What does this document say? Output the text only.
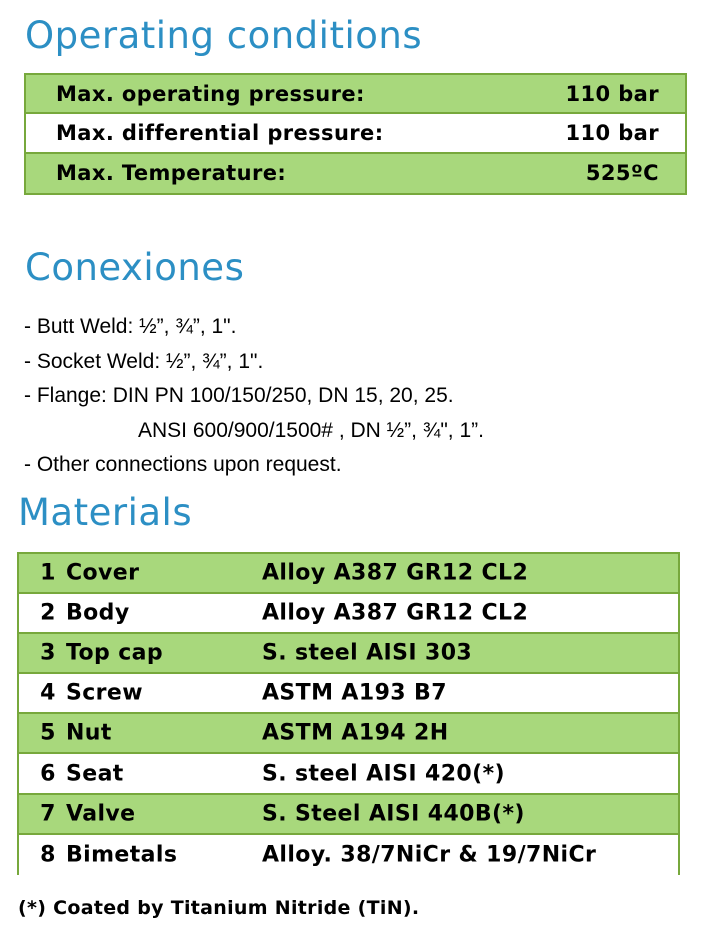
Operating conditions
Max. operating pressure:	110 bar
Max. differential pressure:	110 bar
Max. Temperature:	525ºC
Conexiones
- Butt Weld: ½”, ¾”, 1".
- Socket Weld: ½”, ¾”, 1".
- Flange: DIN PN 100/150/250, DN 15, 20, 25.
ANSI 600/900/1500# , DN ½”, ¾", 1”.
- Other connections upon request.
Materials
1 Cover	Alloy A387 GR12 CL2
2 Body	Alloy A387 GR12 CL2
3 Top cap	S. steel AISI 303
4 Screw	ASTM A193 B7
5 Nut	ASTM A194 2H
6 Seat	S. steel AISI 420(*)
7 Valve	S. Steel AISI 440B(*)
8 Bimetals	Alloy. 38/7NiCr & 19/7NiCr

(*) Coated by Titanium Nitride (TiN).
